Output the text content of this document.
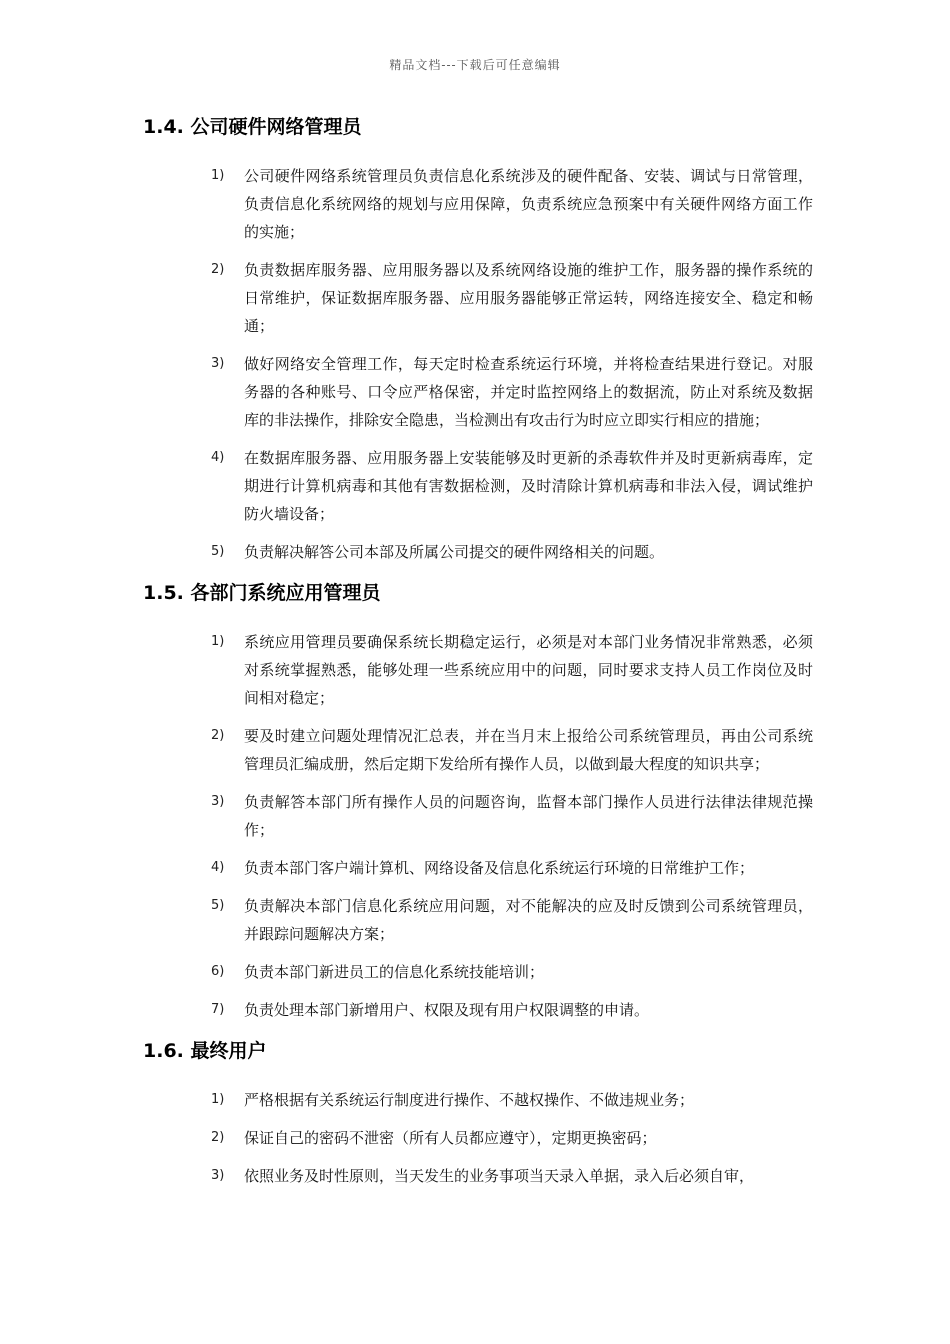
精品文档---下载后可任意编辑
1.4. 公司硬件网络管理员
1)	公司硬件网络系统管理员负责信息化系统涉及的硬件配备、安装、调试与日常管理，负责信息化系统网络的规划与应用保障，负责系统应急预案中有关硬件网络方面工作的实施；
2)	负责数据库服务器、应用服务器以及系统网络设施的维护工作，服务器的操作系统的日常维护，保证数据库服务器、应用服务器能够正常运转，网络连接安全、稳定和畅通；
3)	做好网络安全管理工作，每天定时检查系统运行环境，并将检查结果进行登记。对服务器的各种账号、口令应严格保密，并定时监控网络上的数据流，防止对系统及数据库的非法操作，排除安全隐患，当检测出有攻击行为时应立即实行相应的措施；
4)	在数据库服务器、应用服务器上安装能够及时更新的杀毒软件并及时更新病毒库，定期进行计算机病毒和其他有害数据检测，及时清除计算机病毒和非法入侵，调试维护防火墙设备；
5)	负责解决解答公司本部及所属公司提交的硬件网络相关的问题。
1.5. 各部门系统应用管理员
1)	系统应用管理员要确保系统长期稳定运行，必须是对本部门业务情况非常熟悉，必须对系统掌握熟悉，能够处理一些系统应用中的问题，同时要求支持人员工作岗位及时间相对稳定；
2)	要及时建立问题处理情况汇总表，并在当月末上报给公司系统管理员，再由公司系统管理员汇编成册，然后定期下发给所有操作人员，以做到最大程度的知识共享；
3)	负责解答本部门所有操作人员的问题咨询，监督本部门操作人员进行法律法律规范操作；
4)	负责本部门客户端计算机、网络设备及信息化系统运行环境的日常维护工作；
5)	负责解决本部门信息化系统应用问题，对不能解决的应及时反馈到公司系统管理员，并跟踪问题解决方案；
6)	负责本部门新进员工的信息化系统技能培训；
7)	负责处理本部门新增用户、权限及现有用户权限调整的申请。
1.6. 最终用户
1)	严格根据有关系统运行制度进行操作、不越权操作、不做违规业务；
2)	保证自己的密码不泄密（所有人员都应遵守），定期更换密码；
3)	依照业务及时性原则，当天发生的业务事项当天录入单据，录入后必须自审，
